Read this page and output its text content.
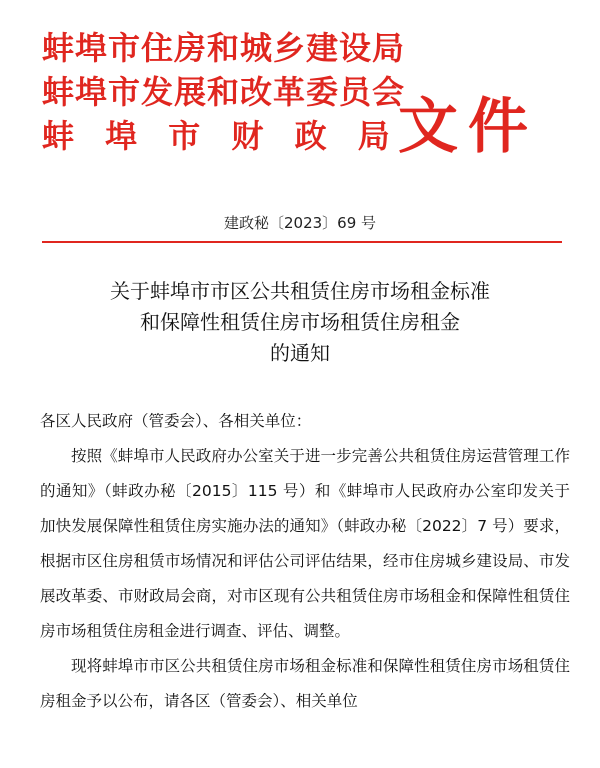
蚌埠市住房和城乡建设局
蚌埠市发展和改革委员会
蚌 埠 市 财 政 局
文件
建政秘〔2023〕69 号
关于蚌埠市市区公共租赁住房市场租金标准
和保障性租赁住房市场租赁住房租金
的通知
各区人民政府（管委会）、各相关单位：
按照《蚌埠市人民政府办公室关于进一步完善公共租赁住房运营管理工作的通知》（蚌政办秘〔2015〕115 号）和《蚌埠市人民政府办公室印发关于加快发展保障性租赁住房实施办法的通知》（蚌政办秘〔2022〕7 号）要求，根据市区住房租赁市场情况和评估公司评估结果，经市住房城乡建设局、市发展改革委、市财政局会商，对市区现有公共租赁住房市场租金和保障性租赁住房市场租赁住房租金进行调查、评估、调整。
现将蚌埠市市区公共租赁住房市场租金标准和保障性租赁住房市场租赁住房租金予以公布，请各区（管委会）、相关单位
